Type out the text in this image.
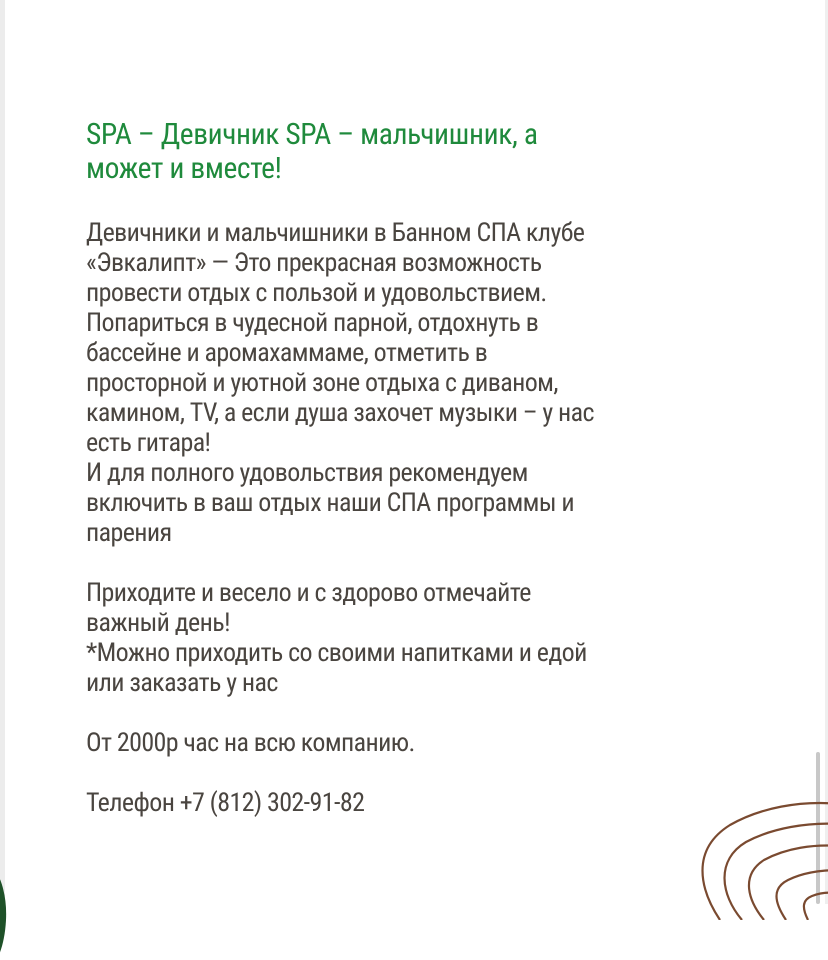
SPA – Девичник SPA – мальчишник, а
может и вместе!

Девичники и мальчишники в Банном СПА клубе
«Эвкалипт» — Это прекрасная возможность
провести отдых с пользой и удовольствием.
Попариться в чудесной парной, отдохнуть в
бассейне и аромахаммаме, отметить в
просторной и уютной зоне отдыха с диваном,
камином, TV, а если душа захочет музыки – у нас
есть гитара!
И для полного удовольствия рекомендуем
включить в ваш отдых наши СПА программы и
парения

Приходите и весело и с здорово отмечайте
важный день!
*Можно приходить со своими напитками и едой
или заказать у нас

От 2000р час на всю компанию.

Телефон +7 (812) 302-91-82
